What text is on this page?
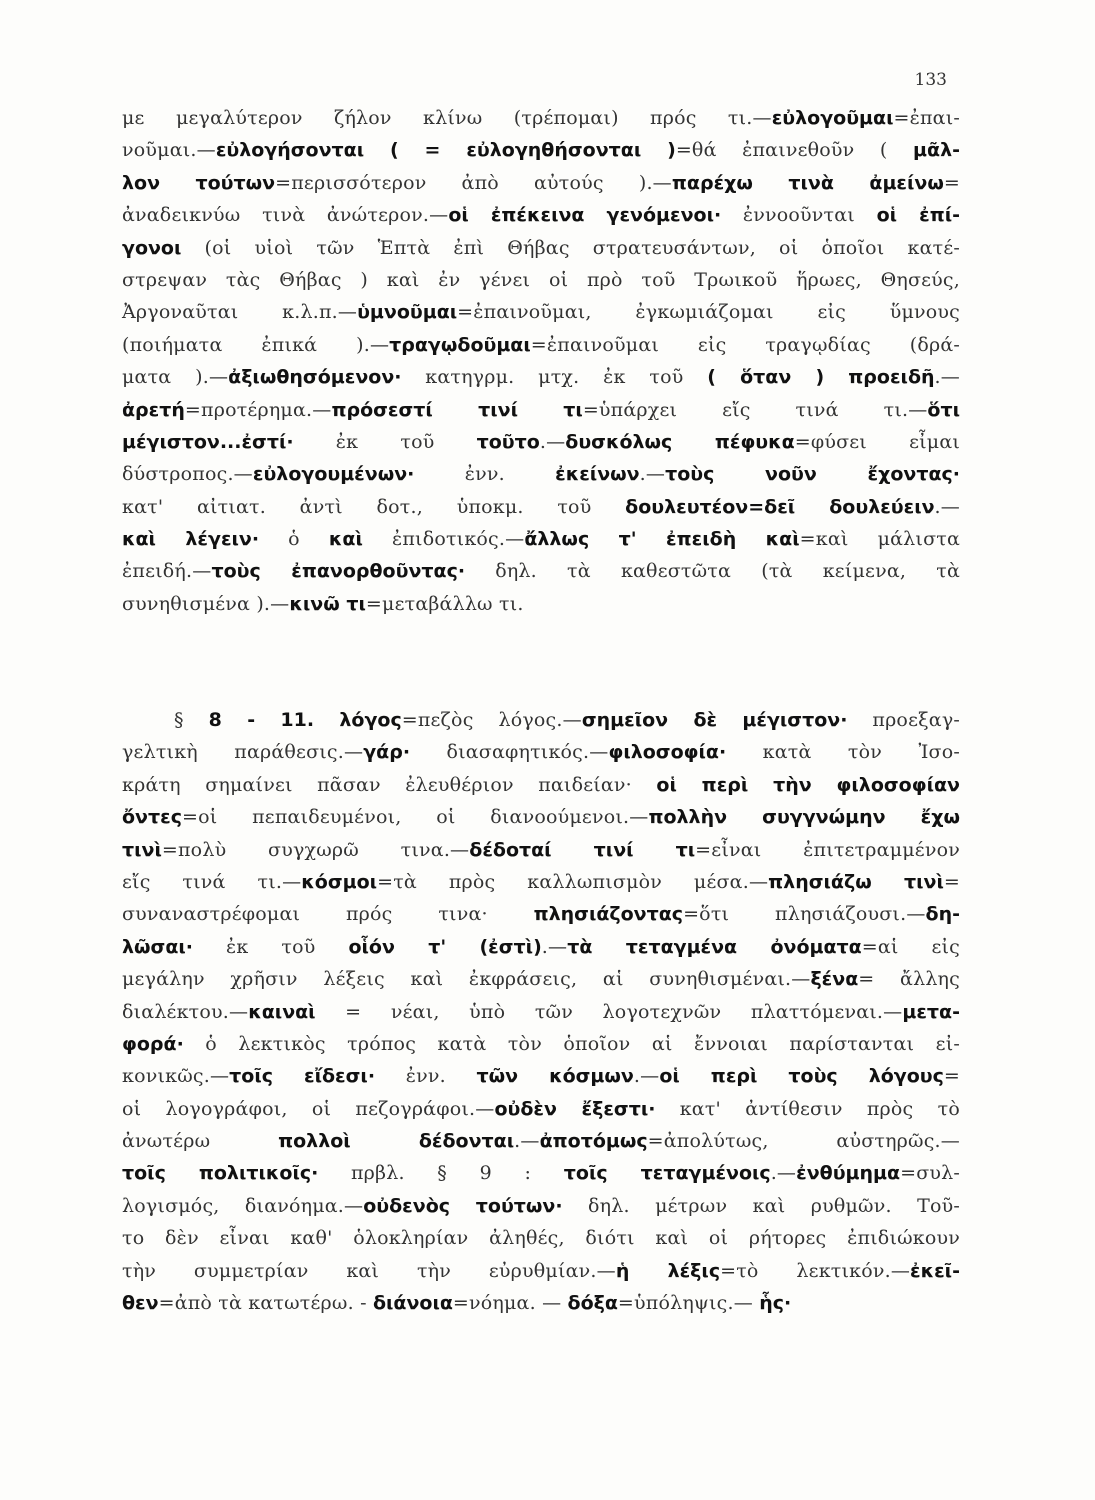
133
με μεγαλύτερον ζήλον κλίνω (τρέπομαι) πρός τι.—εὐλογοῦμαι=ἐπαι-
νοῦμαι.—εὐλογήσονται ( = εὐλογηθήσονται )=θά ἐπαινεθοῦν ( μᾶλ-
λον τούτων=περισσότερον ἀπὸ αὐτούς ).—παρέχω τινὰ ἀμείνω=
ἀναδεικνύω τινὰ ἀνώτερον.—οἱ ἐπέκεινα γενόμενοι· ἐννοοῦνται οἱ ἐπί-
γονοι (οἱ υἱοὶ τῶν Ἑπτὰ ἐπὶ Θήβας στρατευσάντων, οἱ ὁποῖοι κατέ-
στρεψαν τὰς Θήβας ) καὶ ἐν γένει οἱ πρὸ τοῦ Τρωικοῦ ἥρωες, Θησεύς,
Ἀργοναῦται κ.λ.π.—ὑμνοῦμαι=ἐπαινοῦμαι, ἐγκωμιάζομαι εἰς ὕμνους
(ποιήματα ἐπικά ).—τραγῳδοῦμαι=ἐπαινοῦμαι εἰς τραγῳδίας (δρά-
ματα ).—ἀξιωθησόμενον· κατηγρμ. μτχ. ἐκ τοῦ ( ὅταν ) προειδῆ.—
ἀρετή=προτέρημα.—πρόσεστί τινί τι=ὑπάρχει εἴς τινά τι.—ὅτι
μέγιστον...ἐστί· ἐκ τοῦ τοῦτο.—δυσκόλως πέφυκα=φύσει εἶμαι
δύστροπος.—εὐλογουμένων· ἐνν. ἐκείνων.—τοὺς νοῦν ἔχοντας·
κατ' αἰτιατ. ἀντὶ δοτ., ὑποκμ. τοῦ δουλευτέον=δεῖ δουλεύειν.—
καὶ λέγειν· ὁ καὶ ἐπιδοτικός.—ἄλλως τ' ἐπειδὴ καὶ=καὶ μάλιστα
ἐπειδή.—τοὺς ἐπανορθοῦντας· δηλ. τὰ καθεστῶτα (τὰ κείμενα, τὰ
συνηθισμένα ).—κινῶ τι=μεταβάλλω τι.
§ 8 - 11. λόγος=πεζὸς λόγος.—σημεῖον δὲ μέγιστον· προεξαγ-
γελτικὴ παράθεσις.—γάρ· διασαφητικός.—φιλοσοφία· κατὰ τὸν Ἰσο-
κράτη σημαίνει πᾶσαν ἐλευθέριον παιδείαν· οἱ περὶ τὴν φιλοσοφίαν
ὄντες=οἱ πεπαιδευμένοι, οἱ διανοούμενοι.—πολλὴν συγγνώμην ἔχω
τινὶ=πολὺ συγχωρῶ τινα.—δέδοταί τινί τι=εἶναι ἐπιτετραμμένον
εἴς τινά τι.—κόσμοι=τὰ πρὸς καλλωπισμὸν μέσα.—πλησιάζω τινὶ=
συναναστρέφομαι πρός τινα· πλησιάζοντας=ὅτι πλησιάζουσι.—δη-
λῶσαι· ἐκ τοῦ οἷόν τ' (ἐστὶ).—τὰ τεταγμένα ὀνόματα=αἱ εἰς
μεγάλην χρῆσιν λέξεις καὶ ἐκφράσεις, αἱ συνηθισμέναι.—ξένα= ἄλλης
διαλέκτου.—καιναὶ = νέαι, ὑπὸ τῶν λογοτεχνῶν πλαττόμεναι.—μετα-
φορά· ὁ λεκτικὸς τρόπος κατὰ τὸν ὁποῖον αἱ ἔννοιαι παρίστανται εἰ-
κονικῶς.—τοῖς εἴδεσι· ἐνν. τῶν κόσμων.—οἱ περὶ τοὺς λόγους=
οἱ λογογράφοι, οἱ πεζογράφοι.—οὐδὲν ἔξεστι· κατ' ἀντίθεσιν πρὸς τὸ
ἀνωτέρω πολλοὶ δέδονται.—ἀποτόμως=ἀπολύτως, αὐστηρῶς.—
τοῖς πολιτικοῖς· πρβλ. § 9 : τοῖς τεταγμένοις.—ἐνθύμημα=συλ-
λογισμός, διανόημα.—οὐδενὸς τούτων· δηλ. μέτρων καὶ ρυθμῶν. Τοῦ-
το δὲν εἶναι καθ' ὁλοκληρίαν ἀληθές, διότι καὶ οἱ ρήτορες ἐπιδιώκουν
τὴν συμμετρίαν καὶ τὴν εὐρυθμίαν.—ἡ λέξις=τὸ λεκτικόν.—ἐκεῖ-
θεν=ἀπὸ τὰ κατωτέρω. - διάνοια=νόημα. — δόξα=ὑπόληψις.— ἧς·
